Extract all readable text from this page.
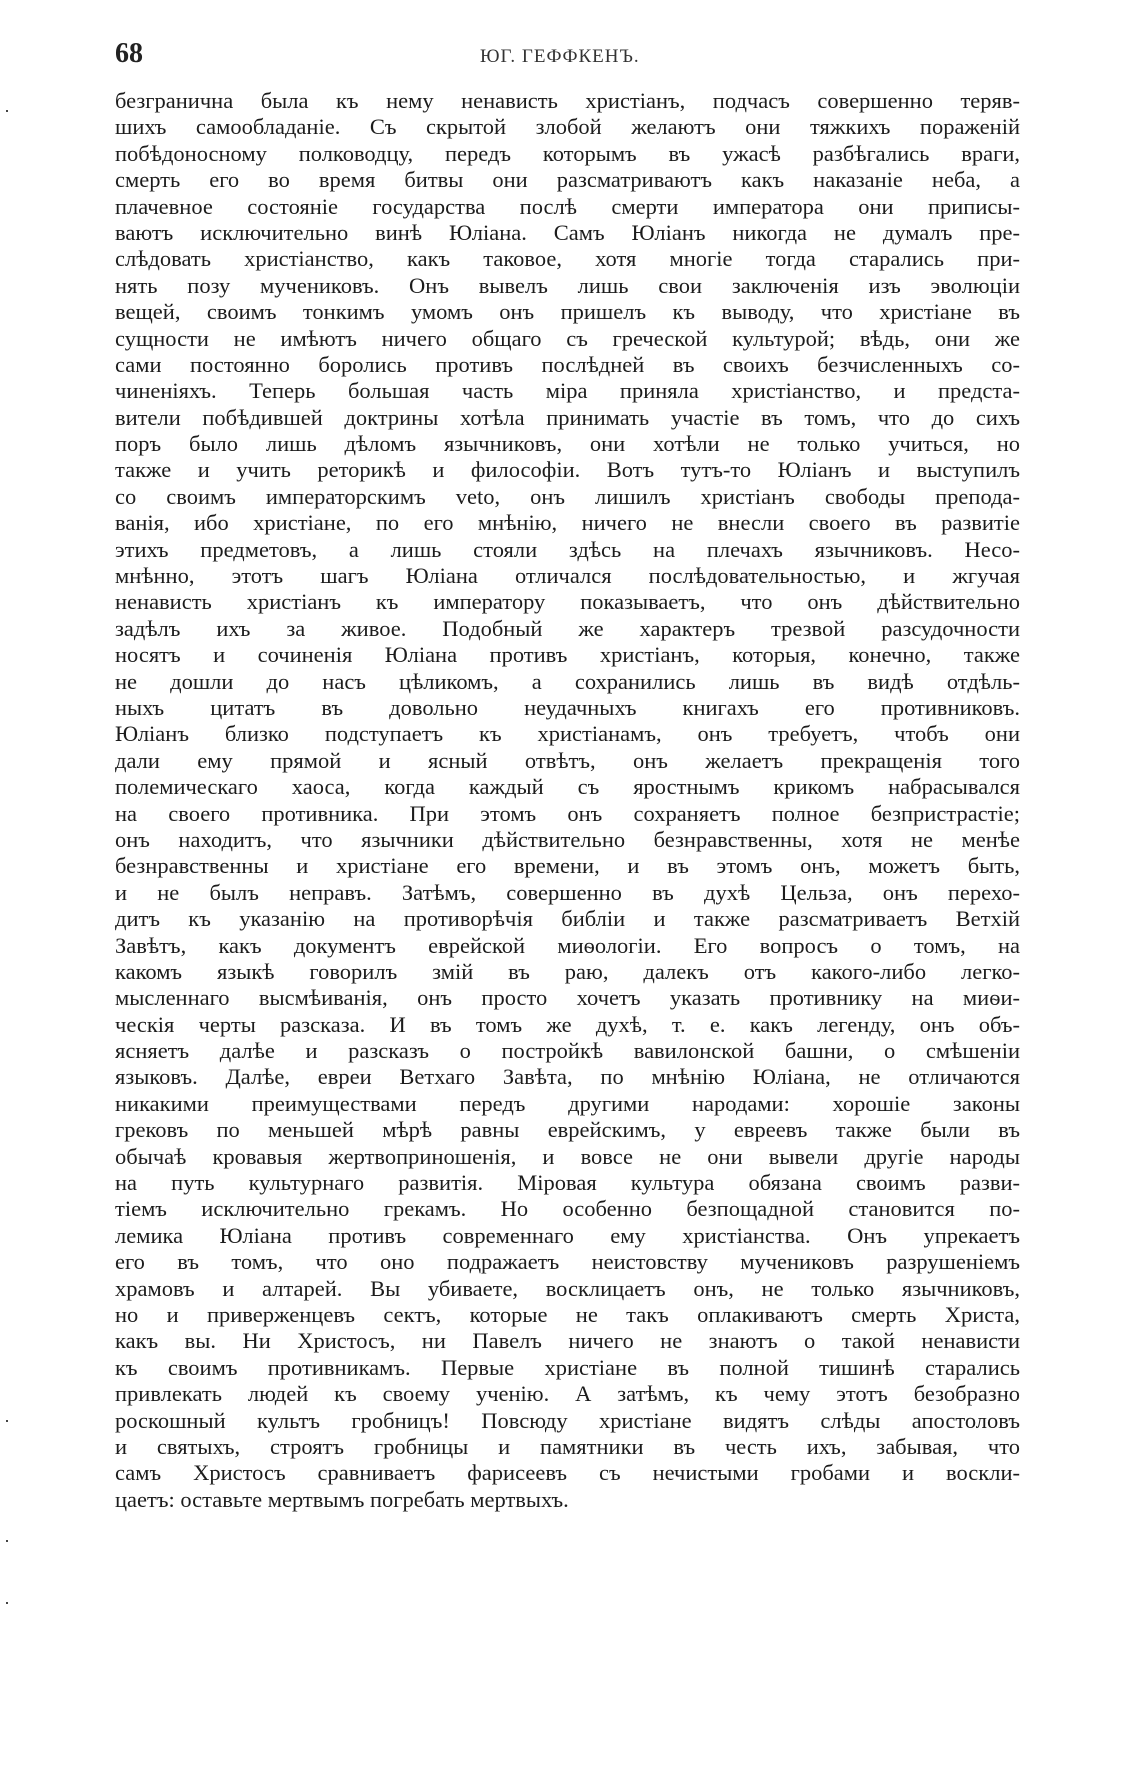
68	ЮГ. ГЕФФКЕНЪ.
безгранична была къ нему ненависть христіанъ, подчасъ совершенно теряв-
шихъ самообладаніе. Съ скрытой злобой желаютъ они тяжкихъ пораженій
побѣдоносному полководцу, передъ которымъ въ ужасѣ разбѣгались враги,
смерть его во время битвы они разсматриваютъ какъ наказаніе неба, а
плачевное состояніе государства послѣ смерти императора они приписы-
ваютъ исключительно винѣ Юліана. Самъ Юліанъ никогда не думалъ пре-
слѣдовать христіанство, какъ таковое, хотя многіе тогда старались при-
нять позу мучениковъ. Онъ вывелъ лишь свои заключенія изъ эволюціи
вещей, своимъ тонкимъ умомъ онъ пришелъ къ выводу, что христіане въ
сущности не имѣютъ ничего общаго съ греческой культурой; вѣдь, они же
сами постоянно боролись противъ послѣдней въ своихъ безчисленныхъ со-
чиненіяхъ. Теперь большая часть міра приняла христіанство, и предста-
вители побѣдившей доктрины хотѣла принимать участіе въ томъ, что до сихъ
поръ было лишь дѣломъ язычниковъ, они хотѣли не только учиться, но
также и учить реторикѣ и философіи. Вотъ тутъ-то Юліанъ и выступилъ
со своимъ императорскимъ veto, онъ лишилъ христіанъ свободы препода-
ванія, ибо христіане, по его мнѣнію, ничего не внесли своего въ развитіе
этихъ предметовъ, а лишь стояли здѣсь на плечахъ язычниковъ. Несо-
мнѣнно, этотъ шагъ Юліана отличался послѣдовательностью, и жгучая
ненависть христіанъ къ императору показываетъ, что онъ дѣйствительно
задѣлъ ихъ за живое. Подобный же характеръ трезвой разсудочности
носятъ и сочиненія Юліана противъ христіанъ, которыя, конечно, также
не дошли до насъ цѣликомъ, а сохранились лишь въ видѣ отдѣль-
ныхъ цитатъ въ довольно неудачныхъ книгахъ его противниковъ.
Юліанъ близко подступаетъ къ христіанамъ, онъ требуетъ, чтобъ они
дали ему прямой и ясный отвѣтъ, онъ желаетъ прекращенія того
полемическаго хаоса, когда каждый съ яростнымъ крикомъ набрасывался
на своего противника. При этомъ онъ сохраняетъ полное безпристрастіе;
онъ находитъ, что язычники дѣйствительно безнравственны, хотя не менѣе
безнравственны и христіане его времени, и въ этомъ онъ, можетъ быть,
и не былъ неправъ. Затѣмъ, совершенно въ духѣ Цельза, онъ перехо-
дитъ къ указанію на противорѣчія библіи и также разсматриваетъ Ветхій
Завѣтъ, какъ документъ еврейской миѳологіи. Его вопросъ о томъ, на
какомъ языкѣ говорилъ змій въ раю, далекъ отъ какого-либо легко-
мысленнаго высмѣиванія, онъ просто хочетъ указать противнику на миѳи-
ческія черты разсказа. И въ томъ же духѣ, т. е. какъ легенду, онъ объ-
ясняетъ далѣе и разсказъ о постройкѣ вавилонской башни, о смѣшеніи
языковъ. Далѣе, евреи Ветхаго Завѣта, по мнѣнію Юліана, не отличаются
никакими преимуществами передъ другими народами: хорошіе законы
грековъ по меньшей мѣрѣ равны еврейскимъ, у евреевъ также были въ
обычаѣ кровавыя жертвоприношенія, и вовсе не они вывели другіе народы
на путь культурнаго развитія. Міровая культура обязана своимъ разви-
тіемъ исключительно грекамъ. Но особенно безпощадной становится по-
лемика Юліана противъ современнаго ему христіанства. Онъ упрекаетъ
его въ томъ, что оно подражаетъ неистовству мучениковъ разрушеніемъ
храмовъ и алтарей. Вы убиваете, восклицаетъ онъ, не только язычниковъ,
но и приверженцевъ сектъ, которые не такъ оплакиваютъ смерть Христа,
какъ вы. Ни Христосъ, ни Павелъ ничего не знаютъ о такой ненависти
къ своимъ противникамъ. Первые христіане въ полной тишинѣ старались
привлекать людей къ своему ученію. А затѣмъ, къ чему этотъ безобразно
роскошный культъ гробницъ! Повсюду христіане видятъ слѣды апостоловъ
и святыхъ, строятъ гробницы и памятники въ честь ихъ, забывая, что
самъ Христосъ сравниваетъ фарисеевъ съ нечистыми гробами и воскли-
цаетъ: оставьте мертвымъ погребать мертвыхъ.
